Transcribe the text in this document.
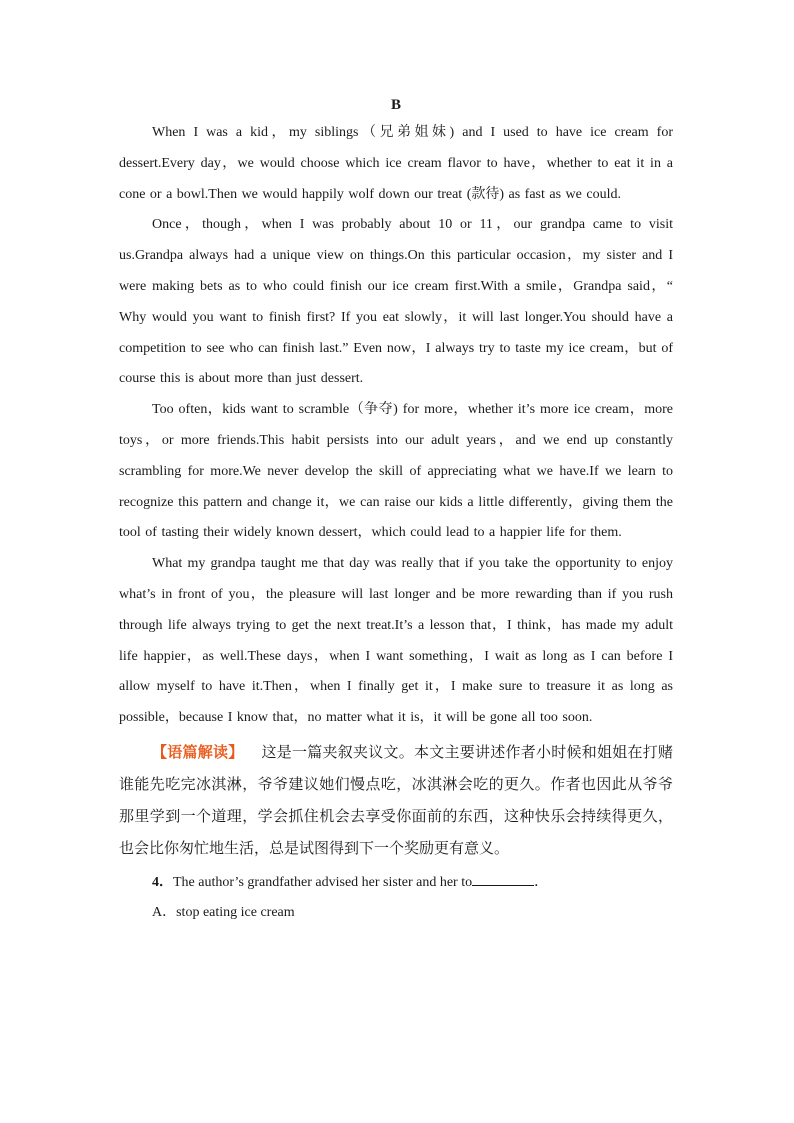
B

When I was a kid，my siblings（兄弟姐妹) and I used to have ice cream for dessert.Every day，we would choose which ice cream flavor to have，whether to eat it in a cone or a bowl.Then we would happily wolf down our treat (款待) as fast as we could.

Once，though，when I was probably about 10 or 11，our grandpa came to visit us.Grandpa always had a unique view on things.On this particular occasion，my sister and I were making bets as to who could finish our ice cream first.With a smile，Grandpa said，“ Why would you want to finish first? If you eat slowly，it will last longer.You should have a competition to see who can finish last.” Even now，I always try to taste my ice cream，but of course this is about more than just dessert.

Too often，kids want to scramble（争夺) for more，whether it’s more ice cream，more toys，or more friends.This habit persists into our adult years，and we end up constantly scrambling for more.We never develop the skill of appreciating what we have.If we learn to recognize this pattern and change it，we can raise our kids a little differently，giving them the tool of tasting their widely known dessert，which could lead to a happier life for them.

What my grandpa taught me that day was really that if you take the opportunity to enjoy what’s in front of you，the pleasure will last longer and be more rewarding than if you rush through life always trying to get the next treat.It’s a lesson that，I think，has made my adult life happier，as well.These days，when I want something，I wait as long as I can before I allow myself to have it.Then，when I finally get it，I make sure to treasure it as long as possible，because I know that，no matter what it is，it will be gone all too soon.

【语篇解读】 这是一篇夹叙夹议文。本文主要讲述作者小时候和姐姐在打赌谁能先吃完冰淇淋，爷爷建议她们慢点吃，冰淇淋会吃的更久。作者也因此从爷爷那里学到一个道理，学会抓住机会去享受你面前的东西，这种快乐会持续得更久，也会比你匆忙地生活，总是试图得到下一个奖励更有意义。

4．The author’s grandfather advised her sister and her to	．

A．stop eating ice cream
